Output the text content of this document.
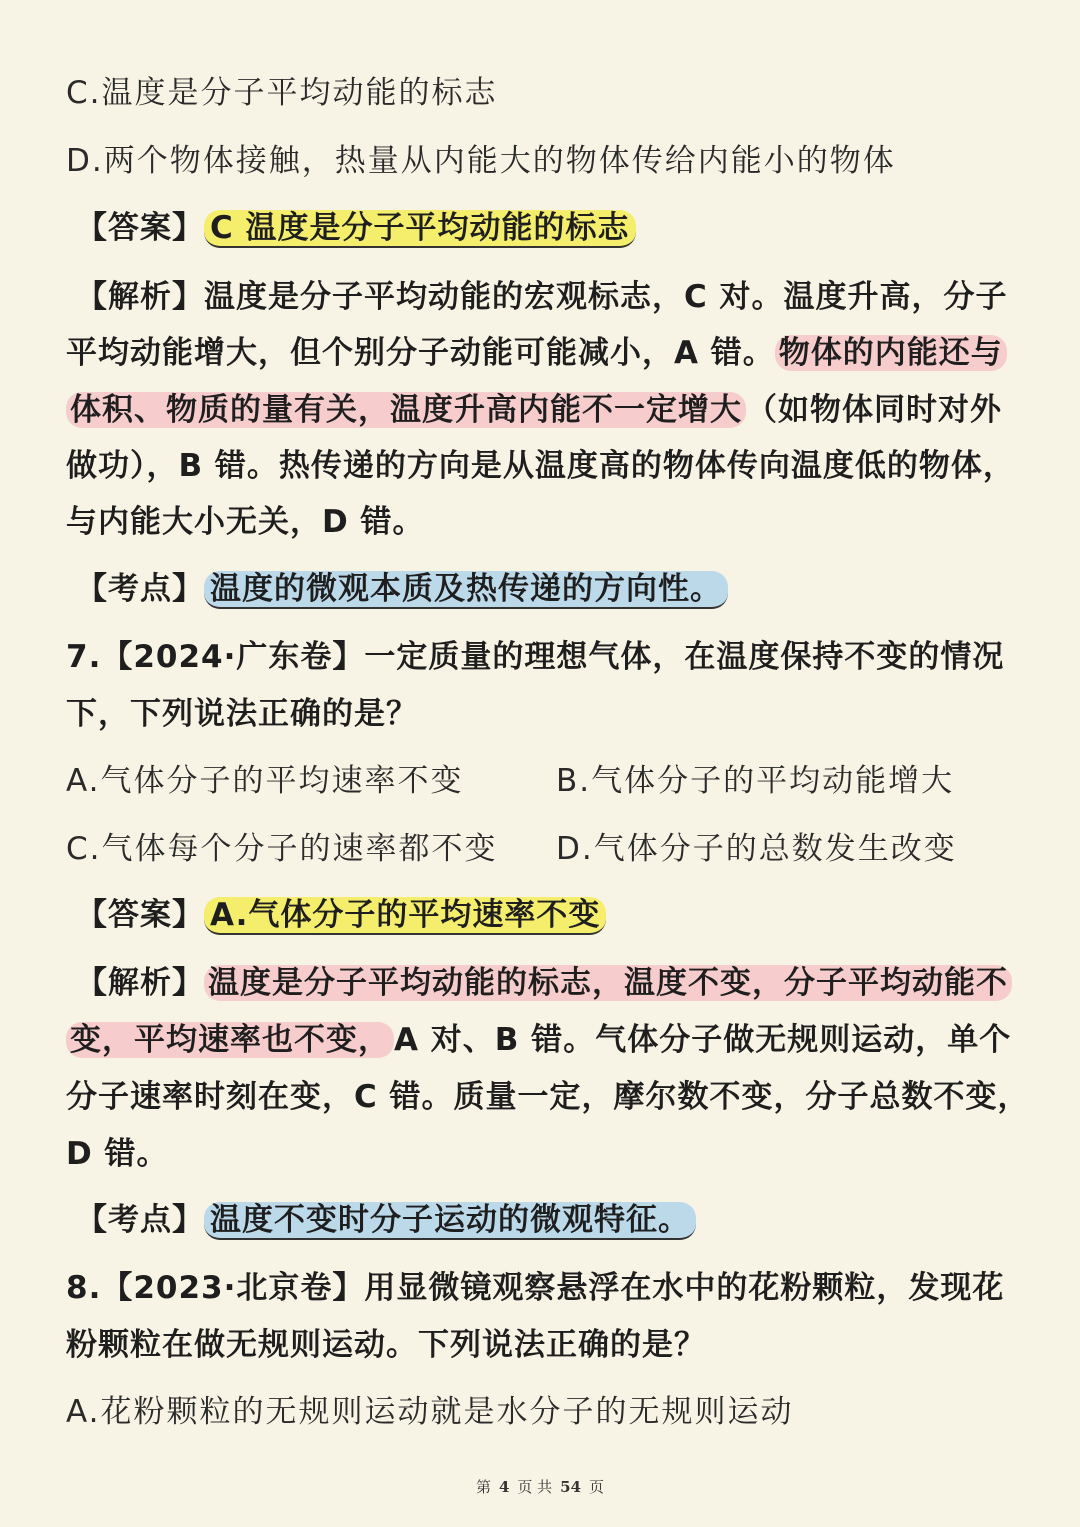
C.温度是分子平均动能的标志
D.两个物体接触，热量从内能大的物体传给内能小的物体
【答案】 C 温度是分子平均动能的标志
【解析】温度是分子平均动能的宏观标志，C 对。温度升高，分子
平均动能增大，但个别分子动能可能减小，A 错。 物体的内能还与
体积、物质的量有关，温度升高内能不一定增大 （如物体同时对外
做功），B 错。热传递的方向是从温度高的物体传向温度低的物体，
与内能大小无关，D 错。
【考点】 温度的微观本质及热传递的方向性。
7.【2024·广东卷】一定质量的理想气体，在温度保持不变的情况
下，下列说法正确的是？
A.气体分子的平均速率不变	B.气体分子的平均动能增大
C.气体每个分子的速率都不变 D.气体分子的总数发生改变
【答案】 A.气体分子的平均速率不变
【解析】 温度是分子平均动能的标志，温度不变，分子平均动能不
变，平均速率也不变， A 对、B 错。气体分子做无规则运动，单个
分子速率时刻在变，C 错。质量一定，摩尔数不变，分子总数不变，
D 错。
【考点】 温度不变时分子运动的微观特征。
8.【2023·北京卷】用显微镜观察悬浮在水中的花粉颗粒，发现花
粉颗粒在做无规则运动。下列说法正确的是？
A.花粉颗粒的无规则运动就是水分子的无规则运动
第 4 页 共 54 页
